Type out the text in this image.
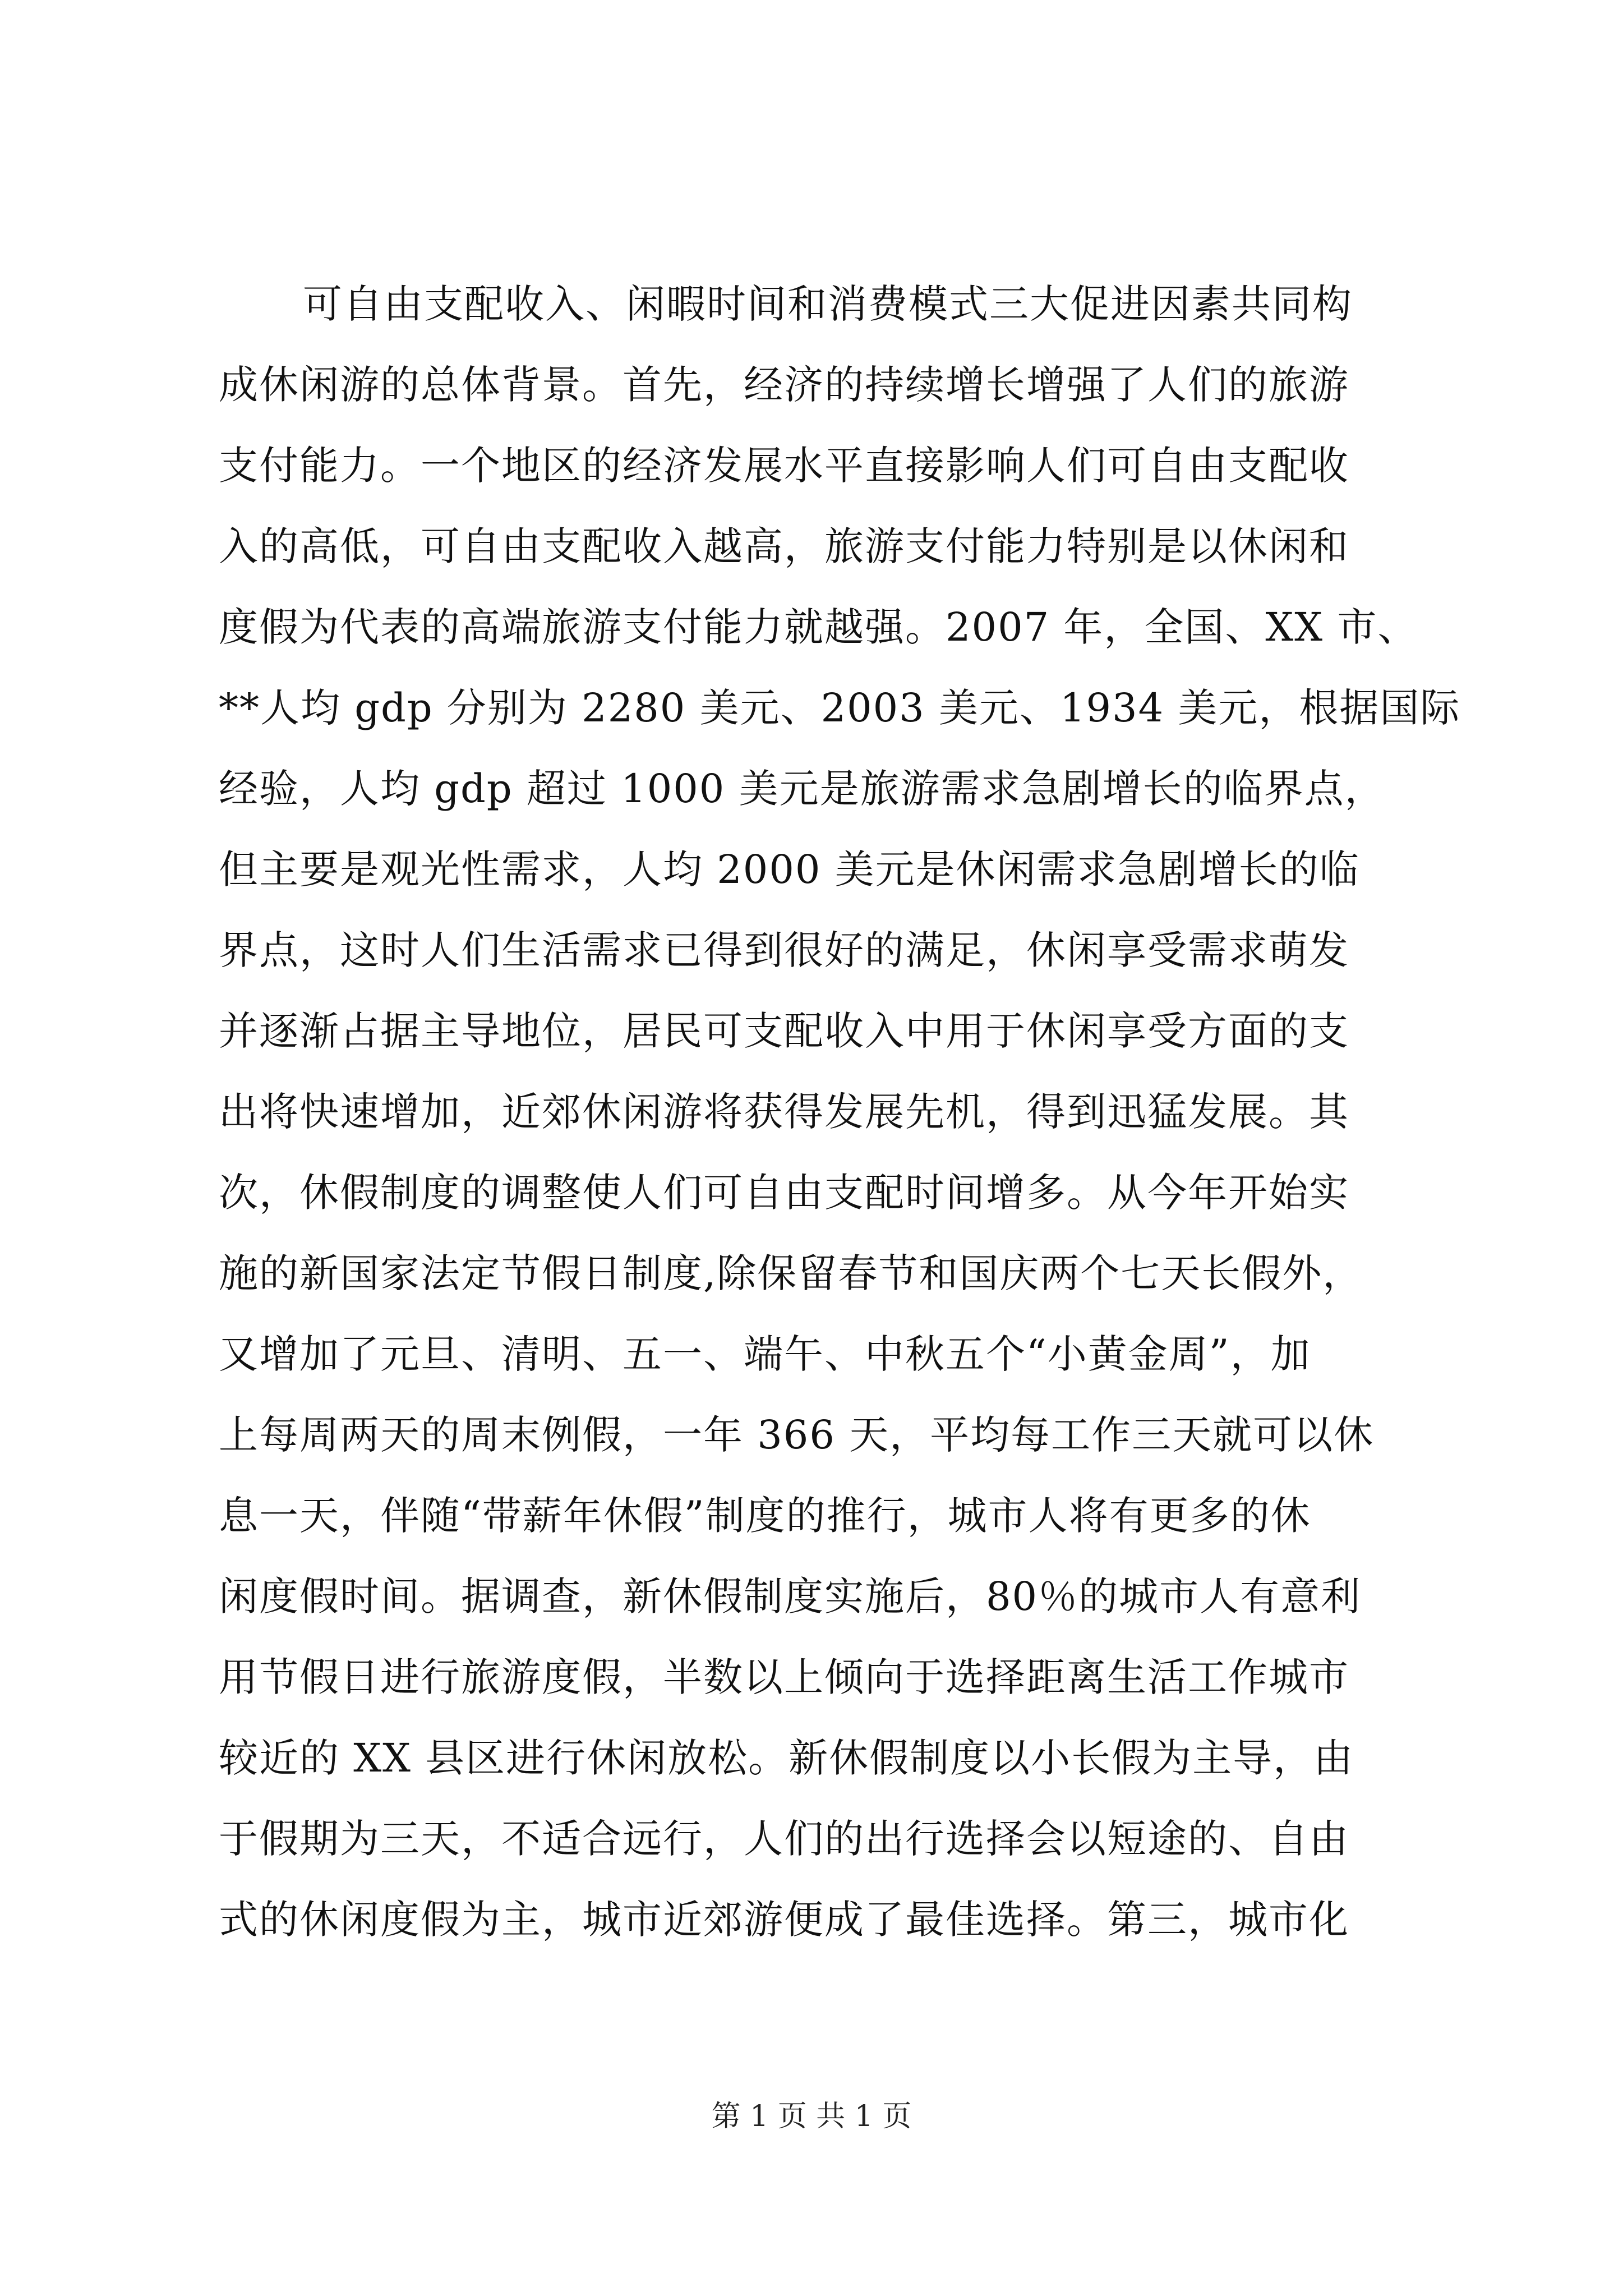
可自由支配收入、闲暇时间和消费模式三大促进因素共同构
成休闲游的总体背景。首先，经济的持续增长增强了人们的旅游
支付能力。一个地区的经济发展水平直接影响人们可自由支配收
入的高低，可自由支配收入越高，旅游支付能力特别是以休闲和
度假为代表的高端旅游支付能力就越强。2007 年，全国、XX 市、
**人均 gdp 分别为 2280 美元、2003 美元、1934 美元，根据国际
经验，人均 gdp 超过 1000 美元是旅游需求急剧增长的临界点，
但主要是观光性需求，人均 2000 美元是休闲需求急剧增长的临
界点，这时人们生活需求已得到很好的满足，休闲享受需求萌发
并逐渐占据主导地位，居民可支配收入中用于休闲享受方面的支
出将快速增加，近郊休闲游将获得发展先机，得到迅猛发展。其
次，休假制度的调整使人们可自由支配时间增多。从今年开始实
施的新国家法定节假日制度,除保留春节和国庆两个七天长假外，
又增加了元旦、清明、五一、端午、中秋五个“小黄金周”，加
上每周两天的周末例假，一年 366 天，平均每工作三天就可以休
息一天，伴随“带薪年休假”制度的推行，城市人将有更多的休
闲度假时间。据调查，新休假制度实施后，80％的城市人有意利
用节假日进行旅游度假，半数以上倾向于选择距离生活工作城市
较近的 XX 县区进行休闲放松。新休假制度以小长假为主导，由
于假期为三天，不适合远行，人们的出行选择会以短途的、自由
式的休闲度假为主，城市近郊游便成了最佳选择。第三，城市化
第 1 页 共 1 页
